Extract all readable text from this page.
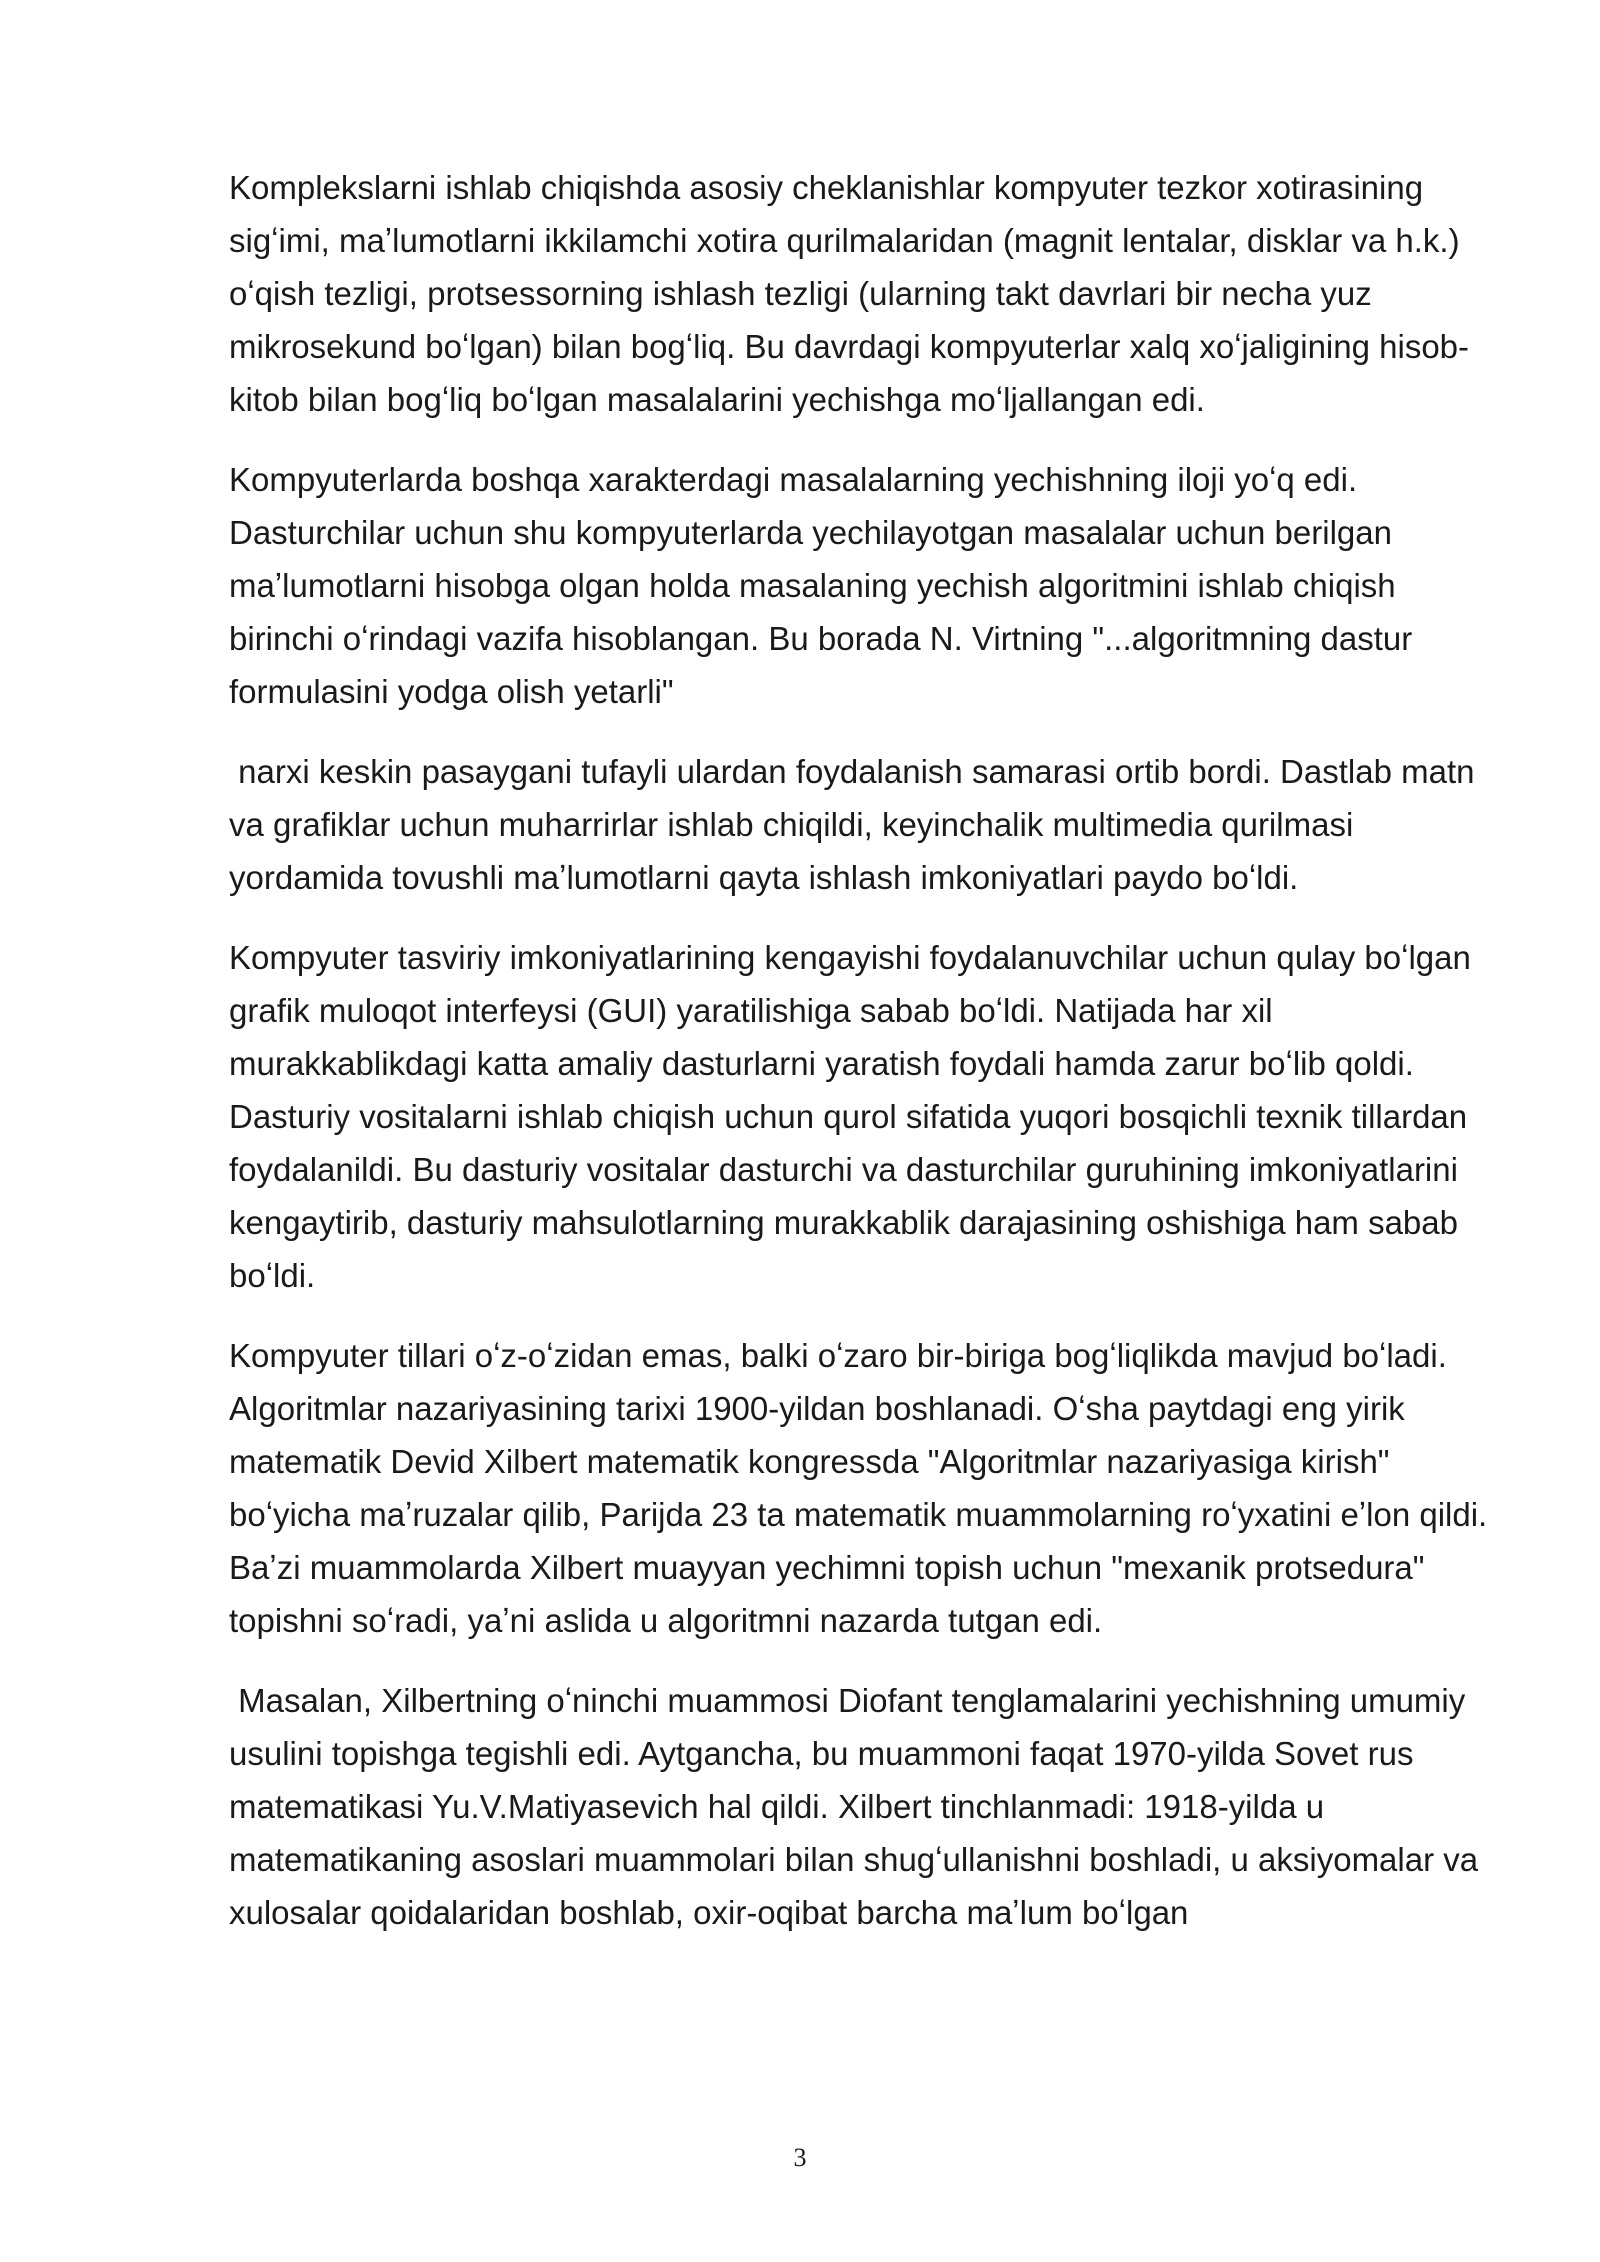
Komplekslarni ishlab chiqishda asosiy cheklanishlar kompyuter tezkor xotirasining sigʻimi, maʼlumotlarni ikkilamchi xotira qurilmalaridan (magnit lentalar, disklar va h.k.) oʻqish tezligi, protsessorning ishlash tezligi (ularning takt davrlari bir necha yuz mikrosekund boʻlgan) bilan bogʻliq. Bu davrdagi kompyuterlar xalq xoʻjaligining hisob-kitob bilan bogʻliq boʻlgan masalalarini yechishga moʻljallangan edi.

Kompyuterlarda boshqa xarakterdagi masalalarning yechishning iloji yoʻq edi. Dasturchilar uchun shu kompyuterlarda yechilayotgan masalalar uchun berilgan maʼlumotlarni hisobga olgan holda masalaning yechish algoritmini ishlab chiqish birinchi oʻrindagi vazifa hisoblangan. Bu borada N. Virtning "...algoritmning dastur formulasini yodga olish yetarli"

narxi keskin pasaygani tufayli ulardan foydalanish samarasi ortib bordi. Dastlab matn va grafiklar uchun muharrirlar ishlab chiqildi, keyinchalik multimedia qurilmasi yordamida tovushli maʼlumotlarni qayta ishlash imkoniyatlari paydo boʻldi.

Kompyuter tasviriy imkoniyatlarining kengayishi foydalanuvchilar uchun qulay boʻlgan grafik muloqot interfeysi (GUI) yaratilishiga sabab boʻldi. Natijada har xil murakkablikdagi katta amaliy dasturlarni yaratish foydali hamda zarur boʻlib qoldi. Dasturiy vositalarni ishlab chiqish uchun qurol sifatida yuqori bosqichli texnik tillardan foydalanildi. Bu dasturiy vositalar dasturchi va dasturchilar guruhining imkoniyatlarini kengaytirib, dasturiy mahsulotlarning murakkablik darajasining oshishiga ham sabab boʻldi.

Kompyuter tillari oʻz-oʻzidan emas, balki oʻzaro bir-biriga bogʻliqlikda mavjud boʻladi. Algoritmlar nazariyasining tarixi 1900-yildan boshlanadi. Oʻsha paytdagi eng yirik matematik Devid Xilbert matematik kongressda "Algoritmlar nazariyasiga kirish" boʻyicha maʼruzalar qilib, Parijda 23 ta matematik muammolarning roʻyxatini eʼlon qildi. Baʼzi muammolarda Xilbert muayyan yechimni topish uchun "mexanik protsedura" topishni soʻradi, yaʼni aslida u algoritmni nazarda tutgan edi.

Masalan, Xilbertning oʻninchi muammosi Diofant tenglamalarini yechishning umumiy usulini topishga tegishli edi. Aytgancha, bu muammoni faqat 1970-yilda Sovet rus matematikasi Yu.V.Matiyasevich hal qildi. Xilbert tinchlanmadi: 1918-yilda u matematikaning asoslari muammolari bilan shugʻullanishni boshladi, u aksiyomalar va xulosalar qoidalaridan boshlab, oxir-oqibat barcha maʼlum boʻlgan

3
